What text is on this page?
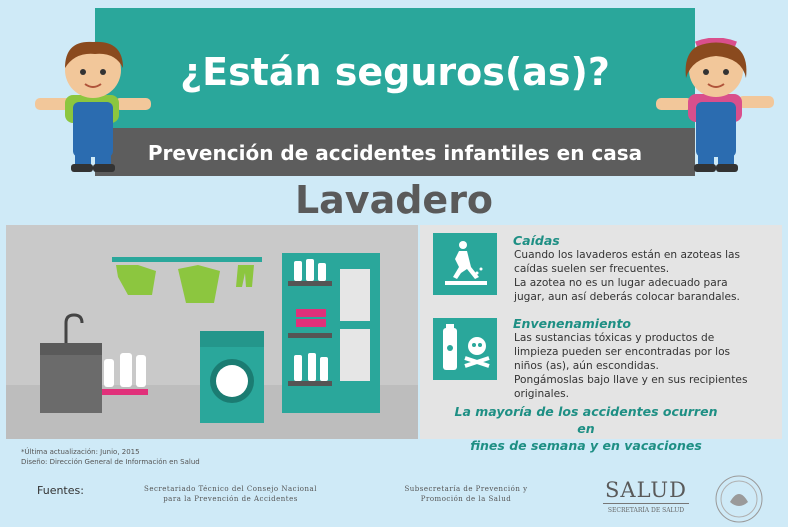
¿Están seguros(as)?
Prevención de accidentes infantiles en casa
Lavadero
Caídas
Cuando los lavaderos están en azoteas las
caídas suelen ser frecuentes.
La azotea no es un lugar adecuado para
jugar, aun así deberás colocar barandales.
Envenenamiento
Las sustancias tóxicas y productos de
limpieza pueden ser encontradas por los
niños (as), aún escondidas.
Pongámoslas bajo llave y en sus recipientes
originales.
La mayoría de los accidentes ocurren en
fines de semana y en vacaciones
*Última actualización: Junio, 2015
Diseño: Dirección General de Información en Salud
Fuentes:	Secretariado Técnico del Consejo Nacional
para la Prevención de Accidentes
Subsecretaría de Prevención y
Promoción de la Salud	SALUD
SECRETARÍA DE SALUD
